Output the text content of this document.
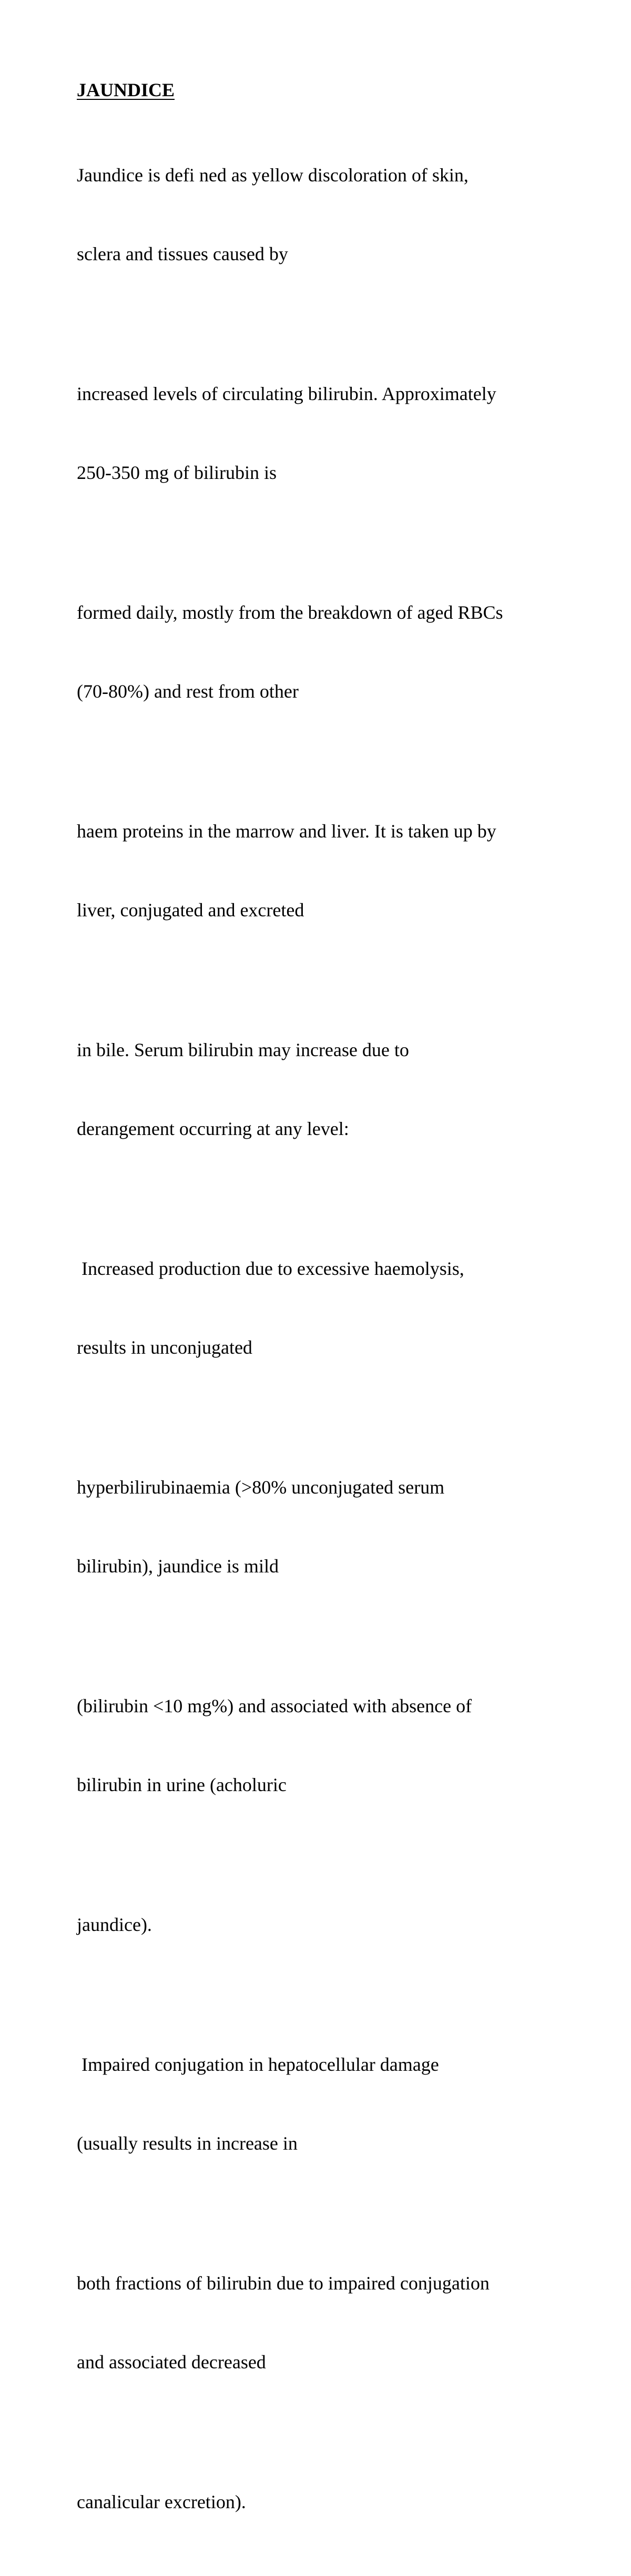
JAUNDICE

Jaundice is defi ned as yellow discoloration of skin,

sclera and tissues caused by

increased levels of circulating bilirubin. Approximately

250-350 mg of bilirubin is

formed daily, mostly from the breakdown of aged RBCs

(70-80%) and rest from other

haem proteins in the marrow and liver. It is taken up by

liver, conjugated and excreted

in bile. Serum bilirubin may increase due to

derangement occurring at any level:

Increased production due to excessive haemolysis,

results in unconjugated

hyperbilirubinaemia (>80% unconjugated serum

bilirubin), jaundice is mild

(bilirubin <10 mg%) and associated with absence of

bilirubin in urine (acholuric

jaundice).

Impaired conjugation in hepatocellular damage

(usually results in increase in

both fractions of bilirubin due to impaired conjugation

and associated decreased

canalicular excretion).
